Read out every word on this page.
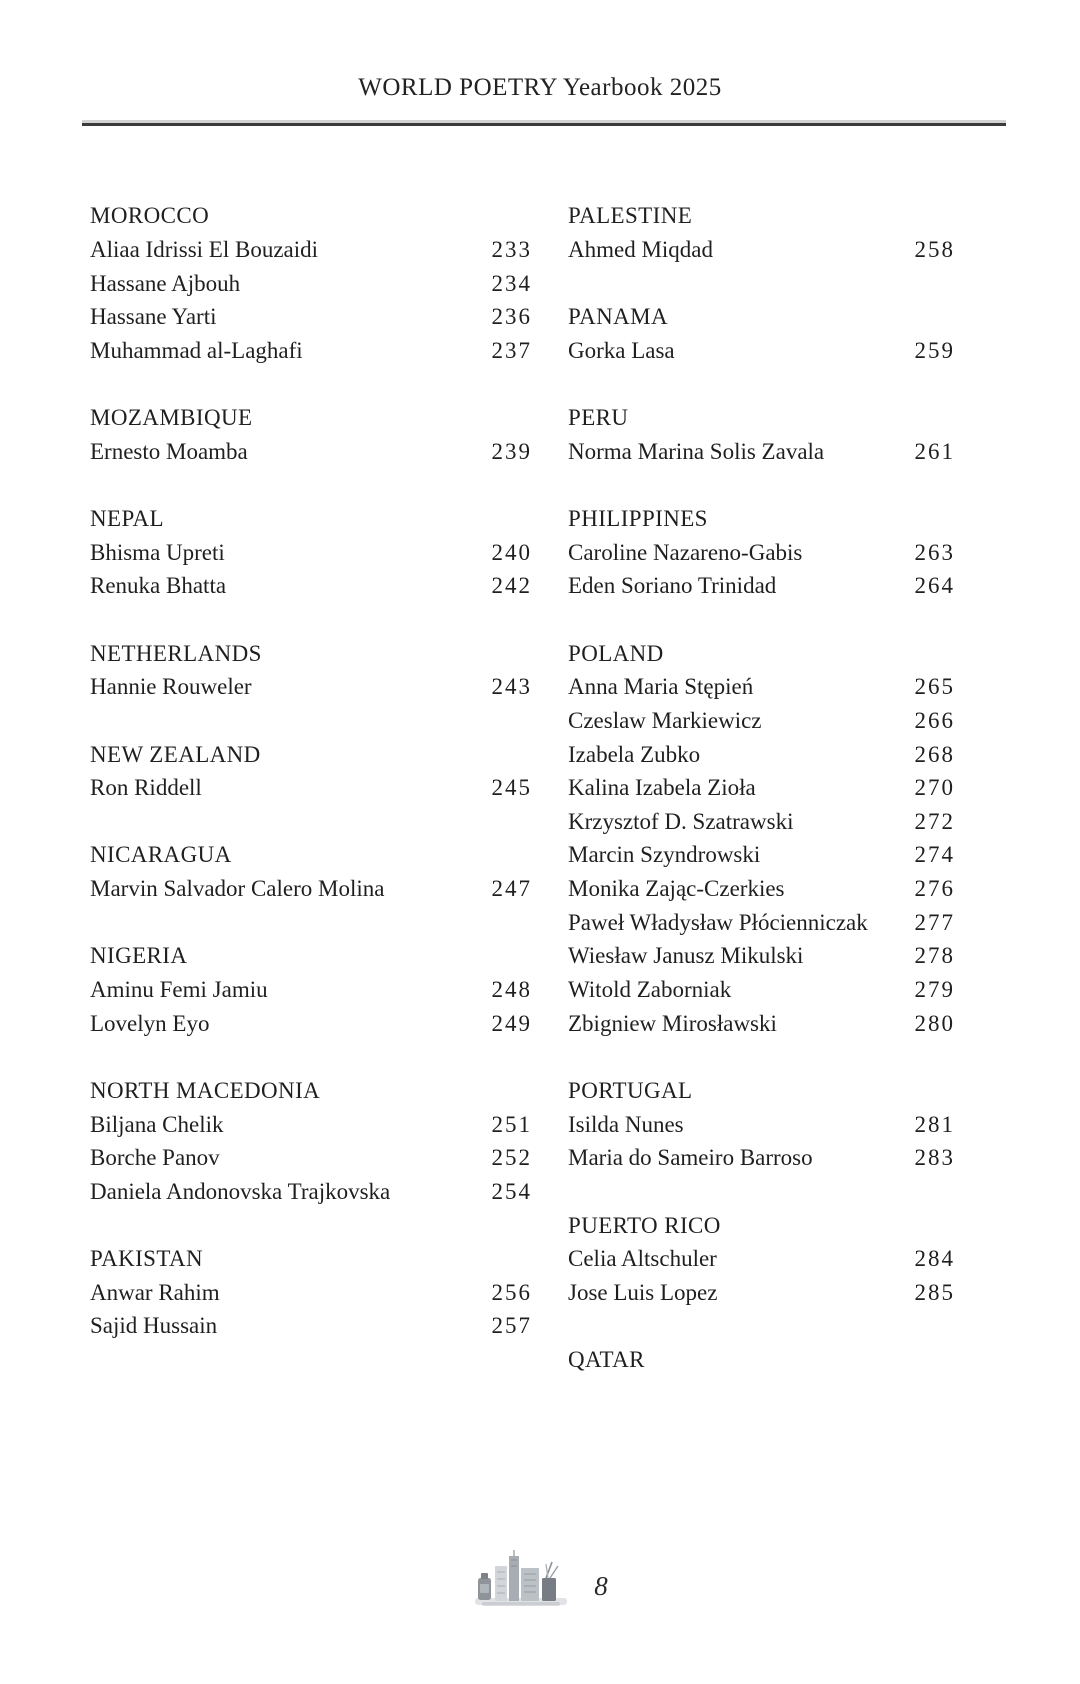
WORLD POETRY Yearbook 2025
MOROCCO
Aliaa Idrissi El Bouzaidi	233
Hassane Ajbouh	234
Hassane Yarti	236
Muhammad al-Laghafi	237
MOZAMBIQUE
Ernesto Moamba	239
NEPAL
Bhisma Upreti	240
Renuka Bhatta	242
NETHERLANDS
Hannie Rouweler	243
NEW ZEALAND
Ron Riddell	245
NICARAGUA
Marvin Salvador Calero Molina	247
NIGERIA
Aminu Femi Jamiu	248
Lovelyn Eyo	249
NORTH MACEDONIA
Biljana Chelik	251
Borche Panov	252
Daniela Andonovska Trajkovska	254
PAKISTAN
Anwar Rahim	256
Sajid Hussain	257
PALESTINE
Ahmed Miqdad	258
PANAMA
Gorka Lasa	259
PERU
Norma Marina Solis Zavala	261
PHILIPPINES
Caroline Nazareno-Gabis	263
Eden Soriano Trinidad	264
POLAND
Anna Maria Stępień	265
Czeslaw Markiewicz	266
Izabela Zubko	268
Kalina Izabela Zioła	270
Krzysztof D. Szatrawski	272
Marcin Szyndrowski	274
Monika Zając-Czerkies	276
Paweł Władysław Płócienniczak	277
Wiesław Janusz Mikulski	278
Witold Zaborniak	279
Zbigniew Mirosławski	280
PORTUGAL
Isilda Nunes	281
Maria do Sameiro Barroso	283
PUERTO RICO
Celia Altschuler	284
Jose Luis Lopez	285
QATAR
8
